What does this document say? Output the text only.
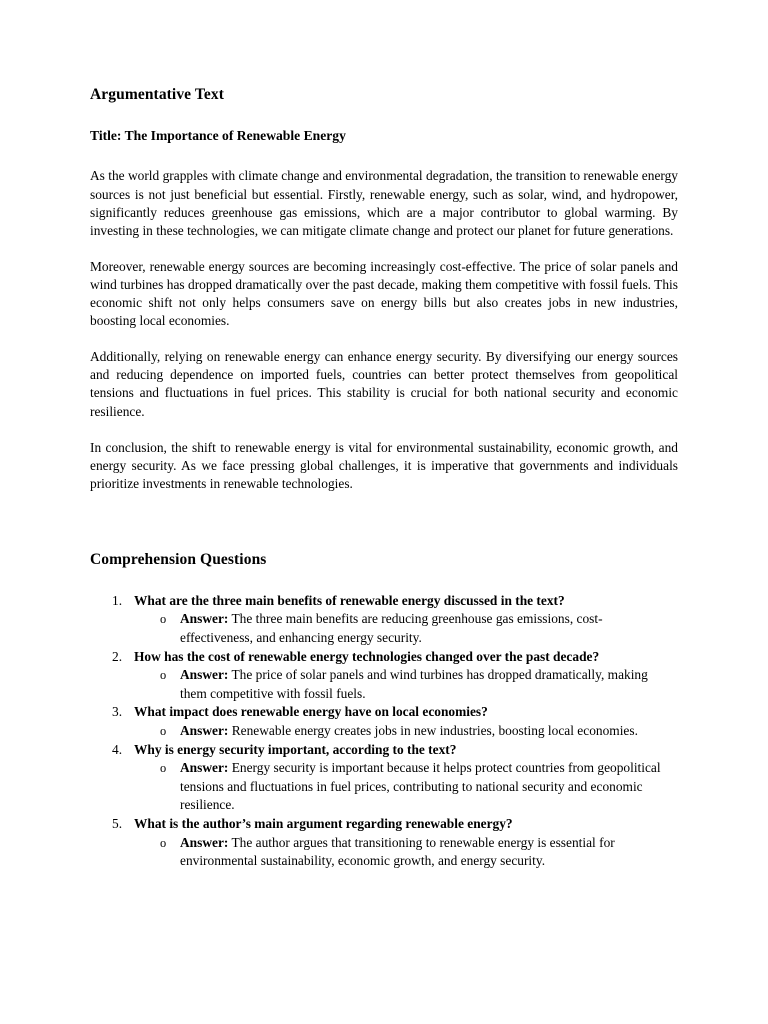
Argumentative Text
Title: The Importance of Renewable Energy

As the world grapples with climate change and environmental degradation, the transition to renewable energy sources is not just beneficial but essential. Firstly, renewable energy, such as solar, wind, and hydropower, significantly reduces greenhouse gas emissions, which are a major contributor to global warming. By investing in these technologies, we can mitigate climate change and protect our planet for future generations.

Moreover, renewable energy sources are becoming increasingly cost-effective. The price of solar panels and wind turbines has dropped dramatically over the past decade, making them competitive with fossil fuels. This economic shift not only helps consumers save on energy bills but also creates jobs in new industries, boosting local economies.

Additionally, relying on renewable energy can enhance energy security. By diversifying our energy sources and reducing dependence on imported fuels, countries can better protect themselves from geopolitical tensions and fluctuations in fuel prices. This stability is crucial for both national security and economic resilience.

In conclusion, the shift to renewable energy is vital for environmental sustainability, economic growth, and energy security. As we face pressing global challenges, it is imperative that governments and individuals prioritize investments in renewable technologies.

Comprehension Questions
1. What are the three main benefits of renewable energy discussed in the text?
o	Answer: The three main benefits are reducing greenhouse gas emissions, cost-effectiveness, and enhancing energy security.
2. How has the cost of renewable energy technologies changed over the past decade?
o	Answer: The price of solar panels and wind turbines has dropped dramatically, making them competitive with fossil fuels.
3. What impact does renewable energy have on local economies?
o	Answer: Renewable energy creates jobs in new industries, boosting local economies.
4. Why is energy security important, according to the text?
o	Answer: Energy security is important because it helps protect countries from geopolitical tensions and fluctuations in fuel prices, contributing to national security and economic resilience.
5. What is the author’s main argument regarding renewable energy?
o	Answer: The author argues that transitioning to renewable energy is essential for environmental sustainability, economic growth, and energy security.
